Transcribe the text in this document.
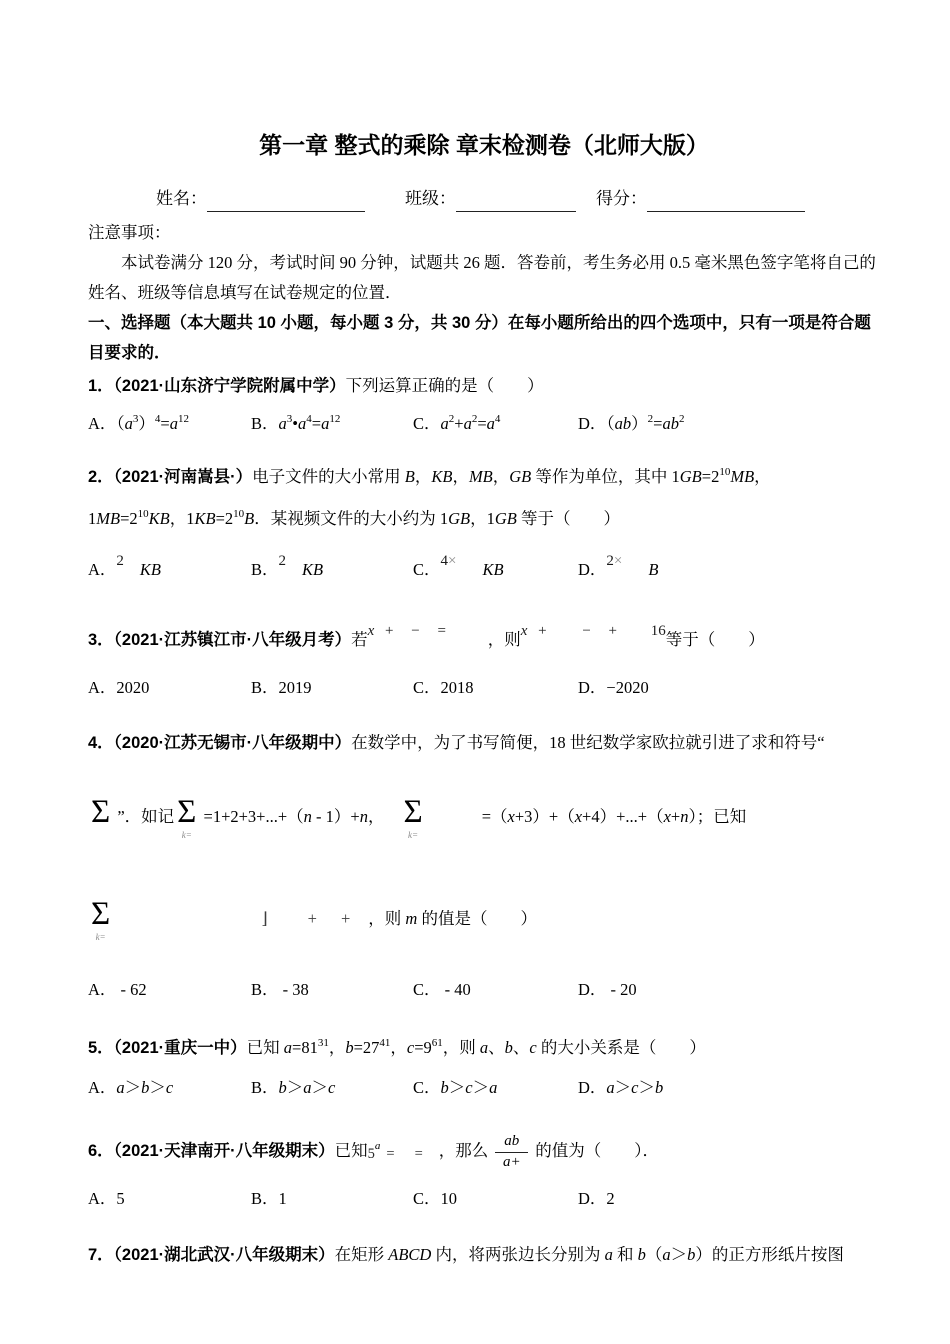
第一章 整式的乘除 章末检测卷（北师大版）
姓名：	班级：	得分：
注意事项：

本试卷满分 120 分，考试时间 90 分钟，试题共 26 题．答卷前，考生务必用 0.5 毫米黑色签字笔将自己的姓名、班级等信息填写在试卷规定的位置．

一、选择题（本大题共 10 小题，每小题 3 分，共 30 分）在每小题所给出的四个选项中，只有一项是符合题目要求的．

1．（2021·山东济宁学院附属中学）下列运算正确的是（　　）
A．$(a^3)^4=a^{12}$	B．$a^3•a^4=a^{12}$	C．$a^2+a^2=a^4$	D．$(ab)^2=ab^2$
2．（2021·河南嵩县·）电子文件的大小常用 B，KB，MB，GB 等作为单位，其中 $1GB=2^{10}MB$，
$1MB=2^{10}KB$，$1KB=2^{10}B$．某视频文件的大小约为 1GB，1GB 等于（　　）
A．2 KB	B．2 KB	C．4× KB	D．2× B
3．（2021·江苏镇江市·八年级月考）若x + − = ，则x + − + 16等于（　　）
A．2020	B．2019	C．2018	D．−2020
4．（2020·江苏无锡市·八年级期中）在数学中，为了书写简便，18 世纪数学家欧拉就引进了求和符号“
Σ
”．如记 Σ
k=
=1+2+3+...+（n - 1）+n， Σ
k=
=（x+3）+（x+4）+...+（x+n）；已知
Σ
k=
⌋ + + ，则 m 的值是（　　）
A． - 62	B． - 38	C． - 40	D． - 20
5．（2021·重庆一中）已知 $a=81^{31}$，$b=27^{41}$，$c=9^{61}$，则 a、b、c 的大小关系是（　　）
A．a＞b＞c	B．b＞a＞c	C．b＞c＞a	D．a＞c＞b
6．（2021·天津南开·八年级期末）已知$5^a$ = = ，那么 $\frac{ab}{a+}$ 的值为（　　）．
A．5	B．1	C．10	D．2
7．（2021·湖北武汉·八年级期末）在矩形 ABCD 内，将两张边长分别为 a 和 b（a＞b）的正方形纸片按图
